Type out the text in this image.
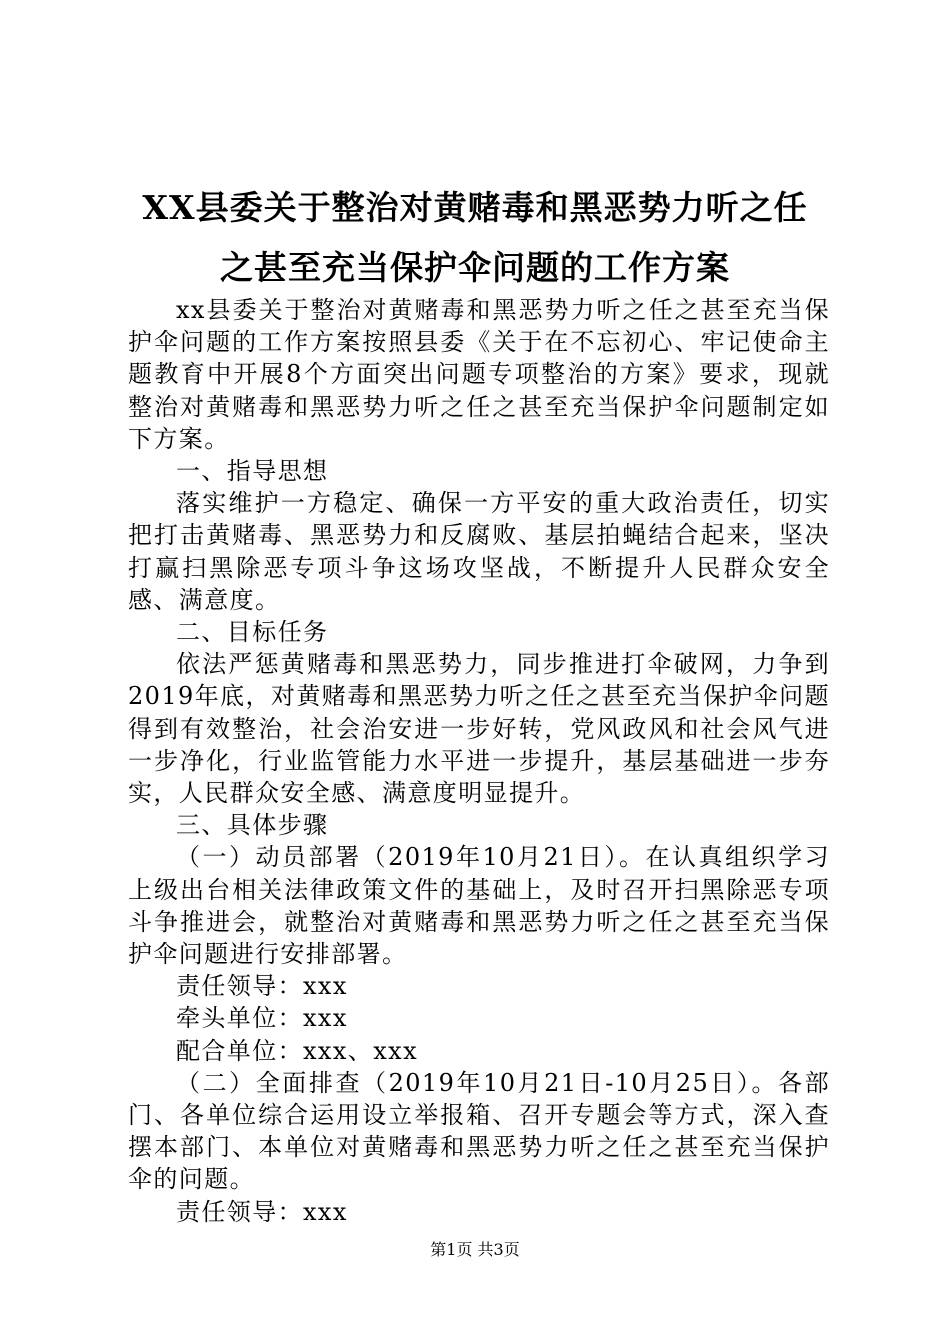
XX县委关于整治对黄赌毒和黑恶势力听之任
之甚至充当保护伞问题的工作方案

xx县委关于整治对黄赌毒和黑恶势力听之任之甚至充当保护伞问题的工作方案按照县委《关于在不忘初心、牢记使命主题教育中开展8个方面突出问题专项整治的方案》要求，现就整治对黄赌毒和黑恶势力听之任之甚至充当保护伞问题制定如下方案。

一、指导思想

落实维护一方稳定、确保一方平安的重大政治责任，切实把打击黄赌毒、黑恶势力和反腐败、基层拍蝇结合起来，坚决打赢扫黑除恶专项斗争这场攻坚战，不断提升人民群众安全感、满意度。

二、目标任务

依法严惩黄赌毒和黑恶势力，同步推进打伞破网，力争到2019年底，对黄赌毒和黑恶势力听之任之甚至充当保护伞问题得到有效整治，社会治安进一步好转，党风政风和社会风气进一步净化，行业监管能力水平进一步提升，基层基础进一步夯实，人民群众安全感、满意度明显提升。

三、具体步骤

（一）动员部署（2019年10月21日）。在认真组织学习上级出台相关法律政策文件的基础上，及时召开扫黑除恶专项斗争推进会，就整治对黄赌毒和黑恶势力听之任之甚至充当保护伞问题进行安排部署。

责任领导：xxx

牵头单位：xxx

配合单位：xxx、xxx

（二）全面排查（2019年10月21日-10月25日）。各部门、各单位综合运用设立举报箱、召开专题会等方式，深入查摆本部门、本单位对黄赌毒和黑恶势力听之任之甚至充当保护伞的问题。

责任领导：xxx

第1页 共3页
